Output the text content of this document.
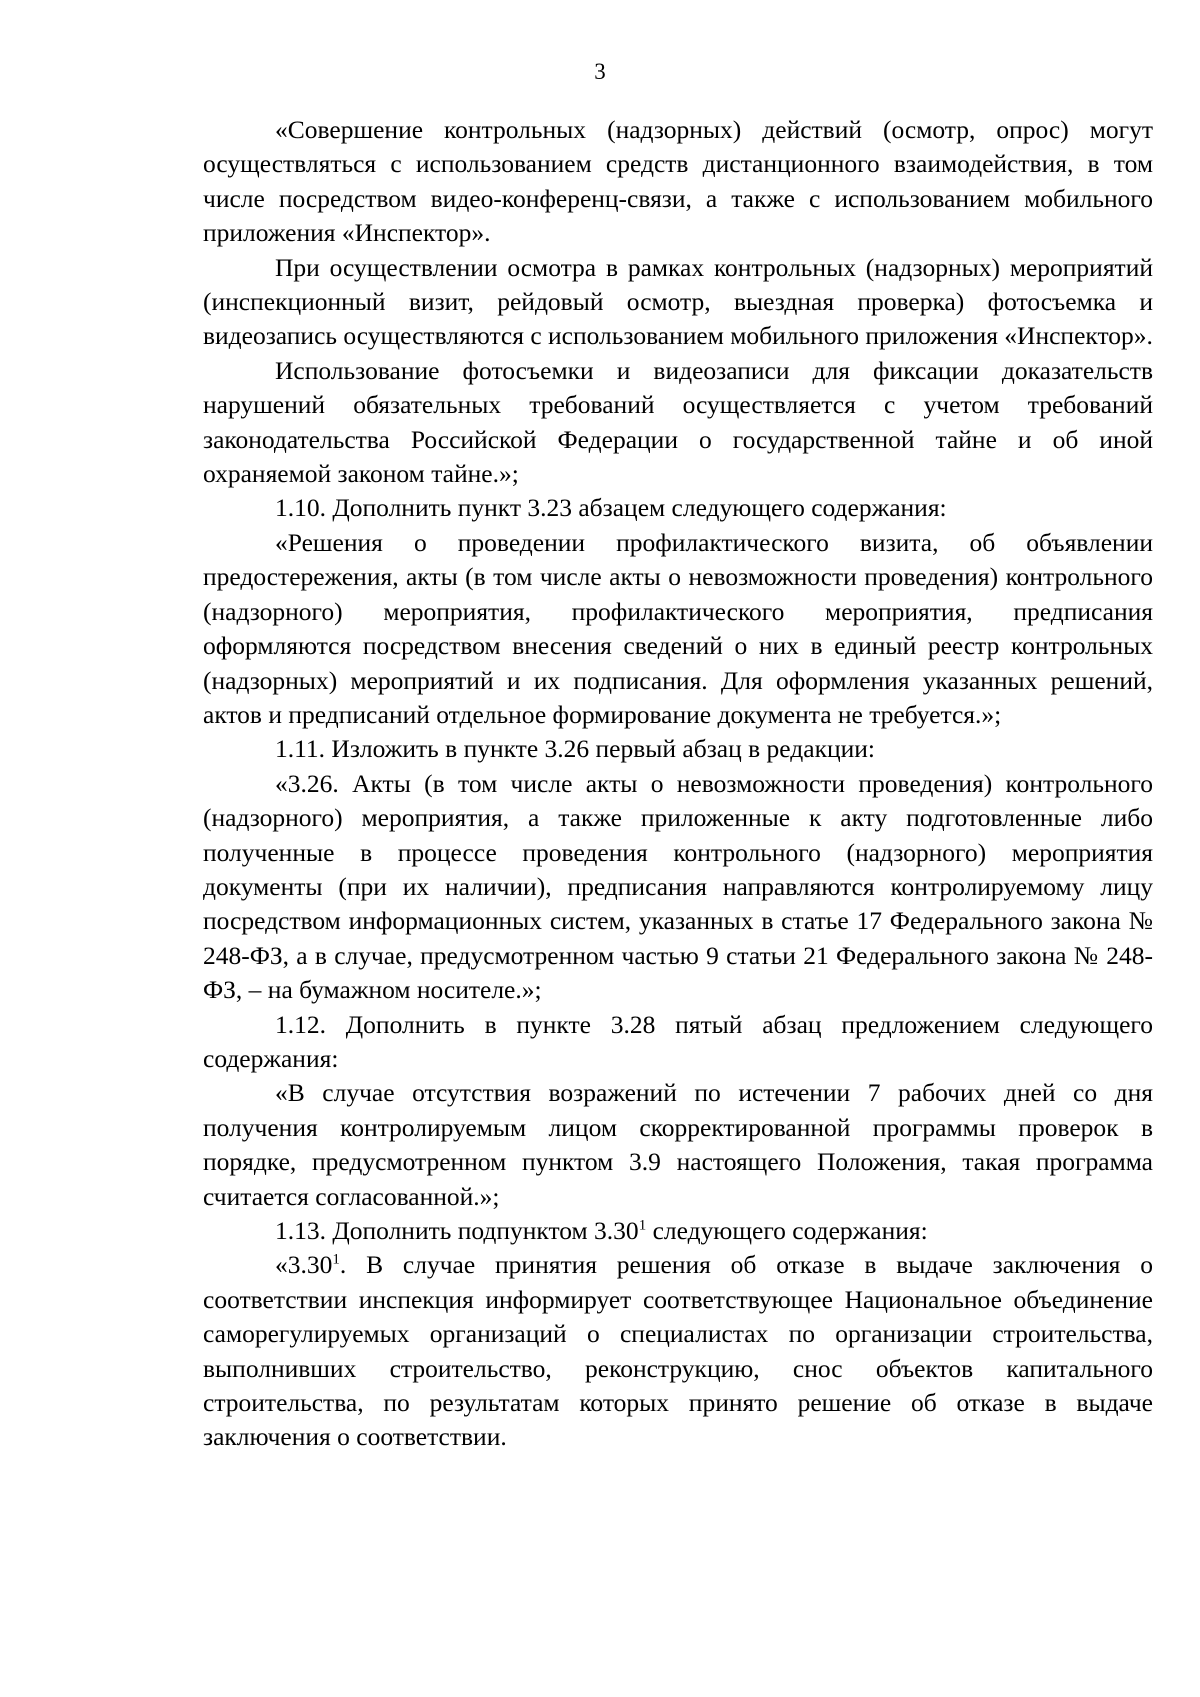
3

«Совершение контрольных (надзорных) действий (осмотр, опрос) могут осуществляться с использованием средств дистанционного взаимодействия, в том числе посредством видео-конференц-связи, а также с использованием мобильного приложения «Инспектор».

При осуществлении осмотра в рамках контрольных (надзорных) мероприятий (инспекционный визит, рейдовый осмотр, выездная проверка) фотосъемка и видеозапись осуществляются с использованием мобильного приложения «Инспектор».

Использование фотосъемки и видеозаписи для фиксации доказательств нарушений обязательных требований осуществляется с учетом требований законодательства Российской Федерации о государственной тайне и об иной охраняемой законом тайне.»;

1.10. Дополнить пункт 3.23 абзацем следующего содержания:

«Решения о проведении профилактического визита, об объявлении предостережения, акты (в том числе акты о невозможности проведения) контрольного (надзорного) мероприятия, профилактического мероприятия, предписания оформляются посредством внесения сведений о них в единый реестр контрольных (надзорных) мероприятий и их подписания. Для оформления указанных решений, актов и предписаний отдельное формирование документа не требуется.»;

1.11. Изложить в пункте 3.26 первый абзац в редакции:

«3.26. Акты (в том числе акты о невозможности проведения) контрольного (надзорного) мероприятия, а также приложенные к акту подготовленные либо полученные в процессе проведения контрольного (надзорного) мероприятия документы (при их наличии), предписания направляются контролируемому лицу посредством информационных систем, указанных в статье 17 Федерального закона № 248-ФЗ, а в случае, предусмотренном частью 9 статьи 21 Федерального закона № 248-ФЗ, – на бумажном носителе.»;

1.12. Дополнить в пункте 3.28 пятый абзац предложением следующего содержания:

«В случае отсутствия возражений по истечении 7 рабочих дней со дня получения контролируемым лицом скорректированной программы проверок в порядке, предусмотренном пунктом 3.9 настоящего Положения, такая программа считается согласованной.»;

1.13. Дополнить подпунктом 3.30$^1$ следующего содержания:

«3.30$^1$. В случае принятия решения об отказе в выдаче заключения о соответствии инспекция информирует соответствующее Национальное объединение саморегулируемых организаций о специалистах по организации строительства, выполнивших строительство, реконструкцию, снос объектов капитального строительства, по результатам которых принято решение об отказе в выдаче заключения о соответствии.
